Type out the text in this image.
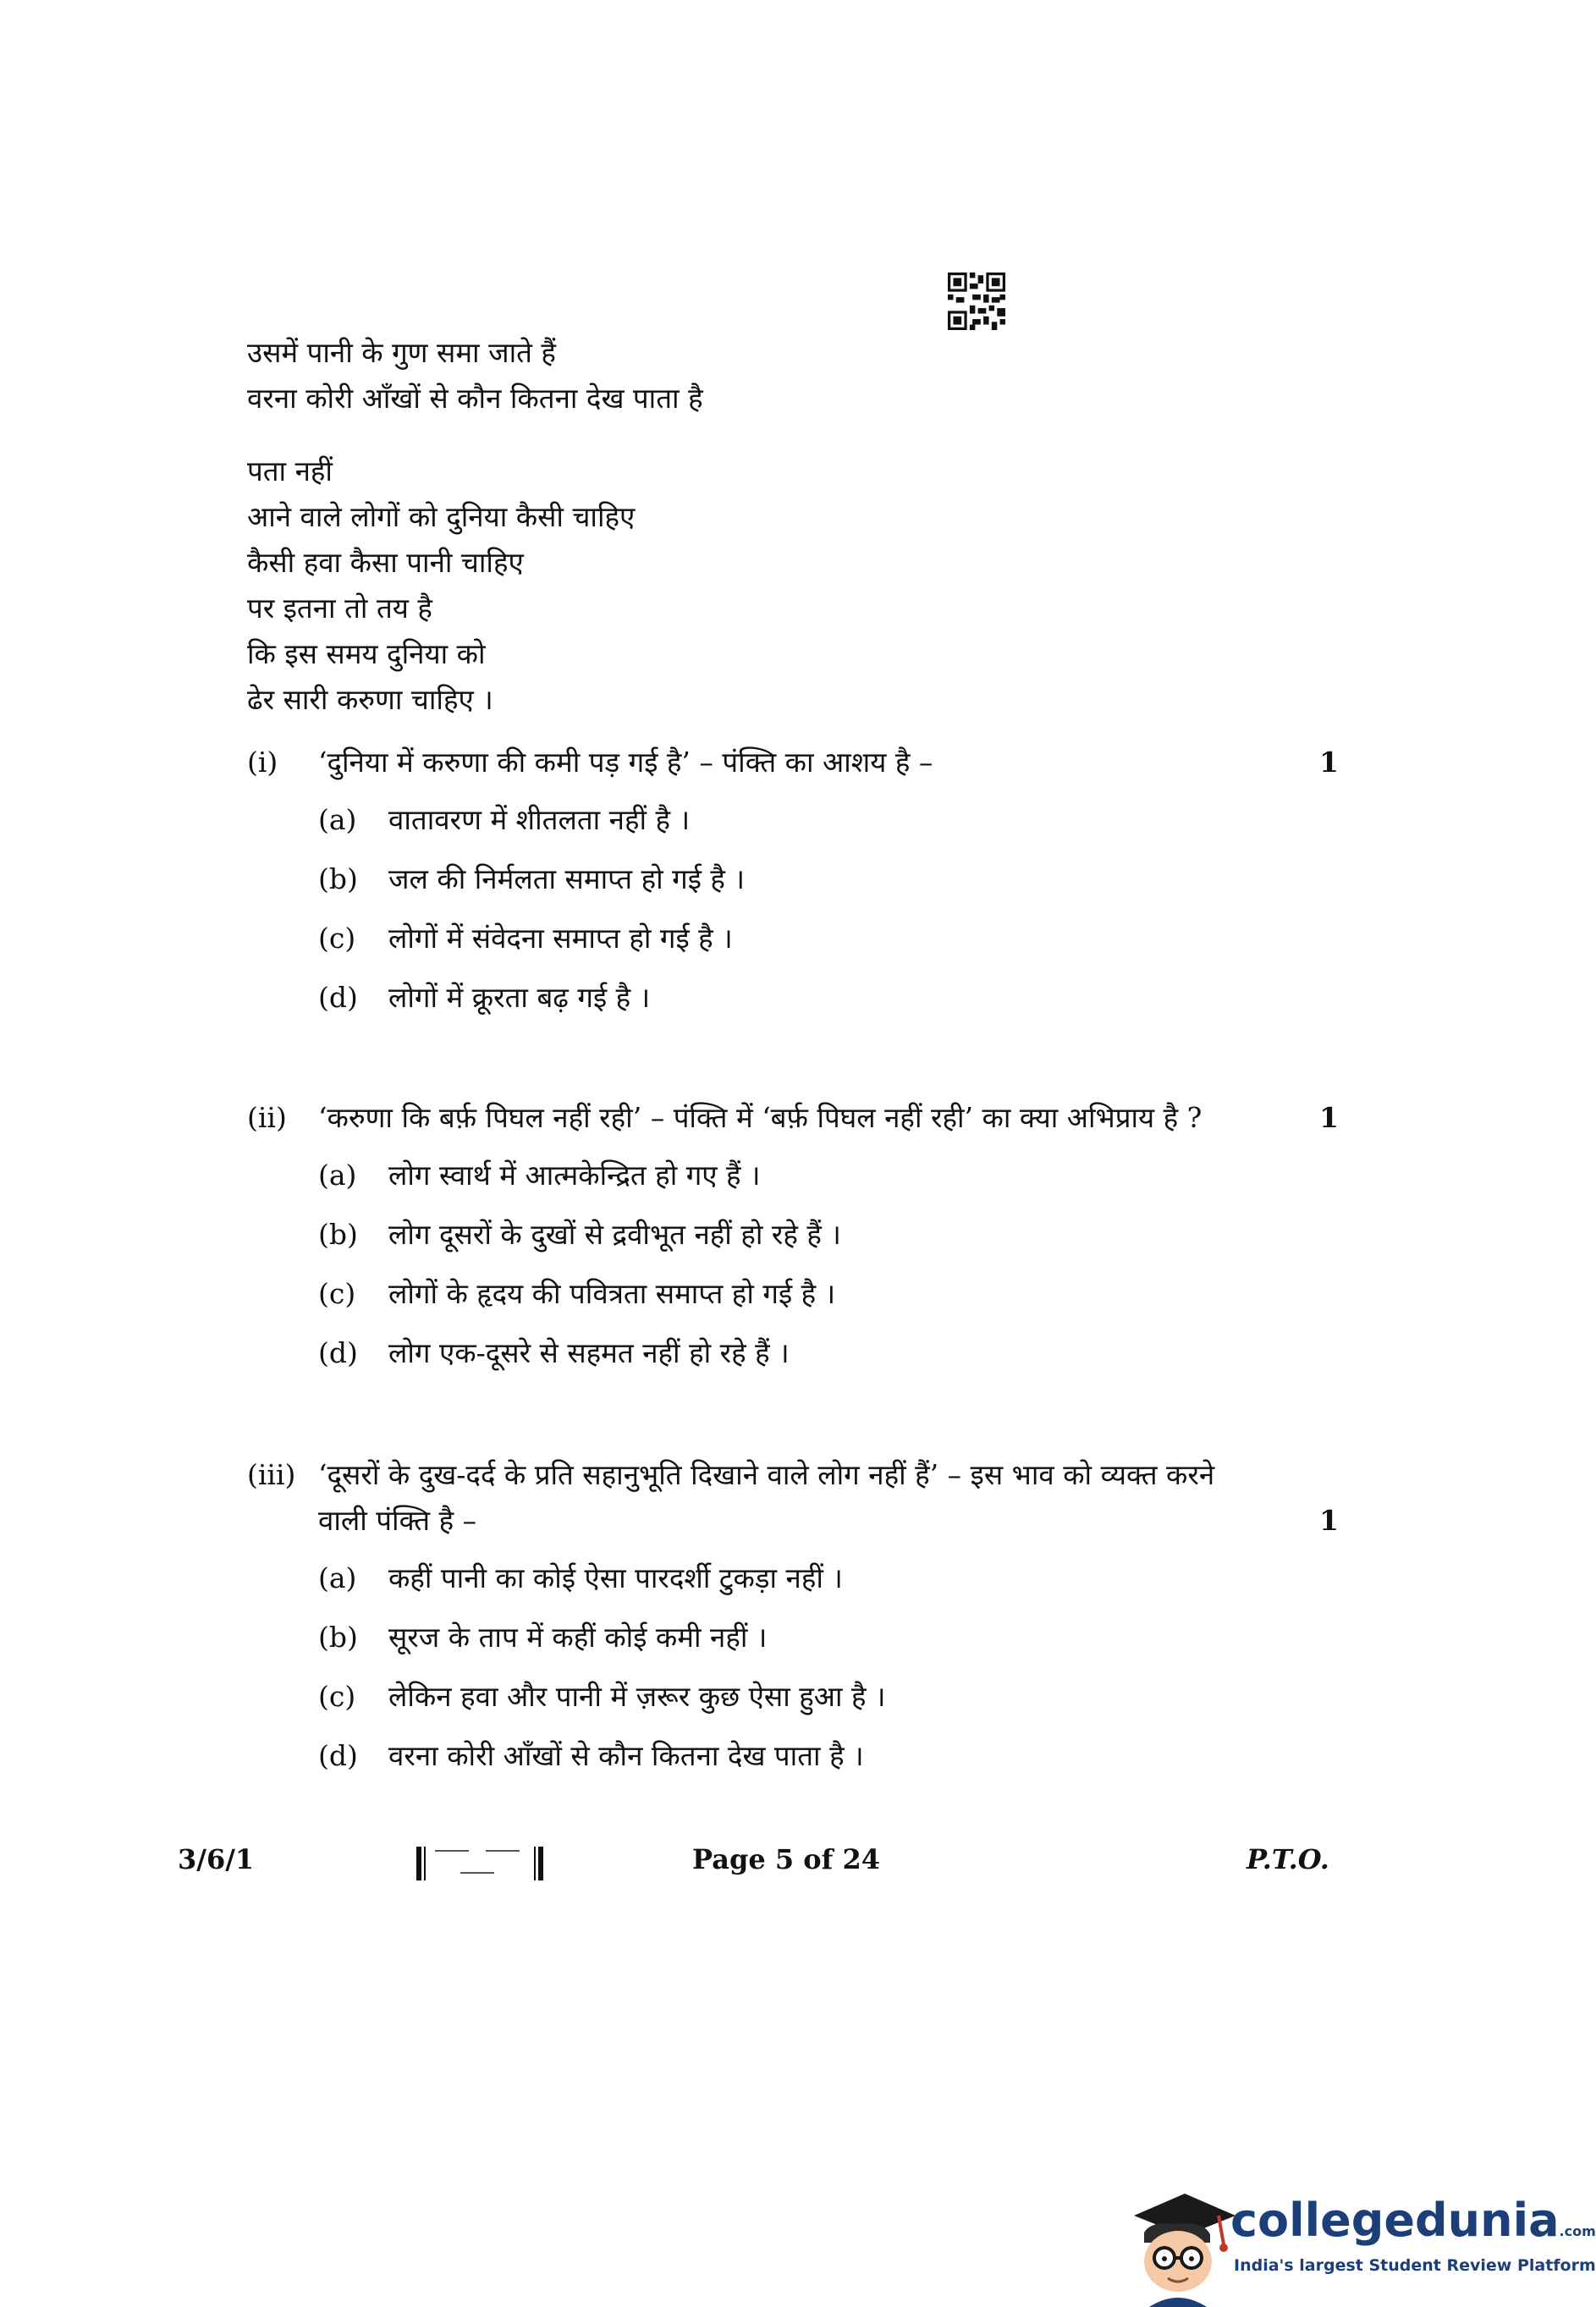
उसमें पानी के गुण समा जाते हैं
वरना कोरी आँखों से कौन कितना देख पाता है
पता नहीं
आने वाले लोगों को दुनिया कैसी चाहिए
कैसी हवा कैसा पानी चाहिए
पर इतना तो तय है
कि इस समय दुनिया को
ढेर सारी करुणा चाहिए ।
(i) ‘दुनिया में करुणा की कमी पड़ गई है’ – पंक्ति का आशय है –	1
(a) वातावरण में शीतलता नहीं है ।
(b) जल की निर्मलता समाप्त हो गई है ।
(c) लोगों में संवेदना समाप्त हो गई है ।
(d) लोगों में क्रूरता बढ़ गई है ।
(ii) ‘करुणा कि बर्फ़ पिघल नहीं रही’ – पंक्ति में ‘बर्फ़ पिघल नहीं रही’ का क्या अभिप्राय है ?	1
(a) लोग स्वार्थ में आत्मकेन्द्रित हो गए हैं ।
(b) लोग दूसरों के दुखों से द्रवीभूत नहीं हो रहे हैं ।
(c) लोगों के हृदय की पवित्रता समाप्त हो गई है ।
(d) लोग एक-दूसरे से सहमत नहीं हो रहे हैं ।
(iii) ‘दूसरों के दुख-दर्द के प्रति सहानुभूति दिखाने वाले लोग नहीं हैं’ – इस भाव को व्यक्त करने
वाली पंक्ति है –	1
(a) कहीं पानी का कोई ऐसा पारदर्शी टुकड़ा नहीं ।
(b) सूरज के ताप में कहीं कोई कमी नहीं ।
(c) लेकिन हवा और पानी में ज़रूर कुछ ऐसा हुआ है ।
(d) वरना कोरी आँखों से कौन कितना देख पाता है ।
3/6/1	Page 5 of 24	P.T.O.
collegedunia.com
India's largest Student Review Platform
